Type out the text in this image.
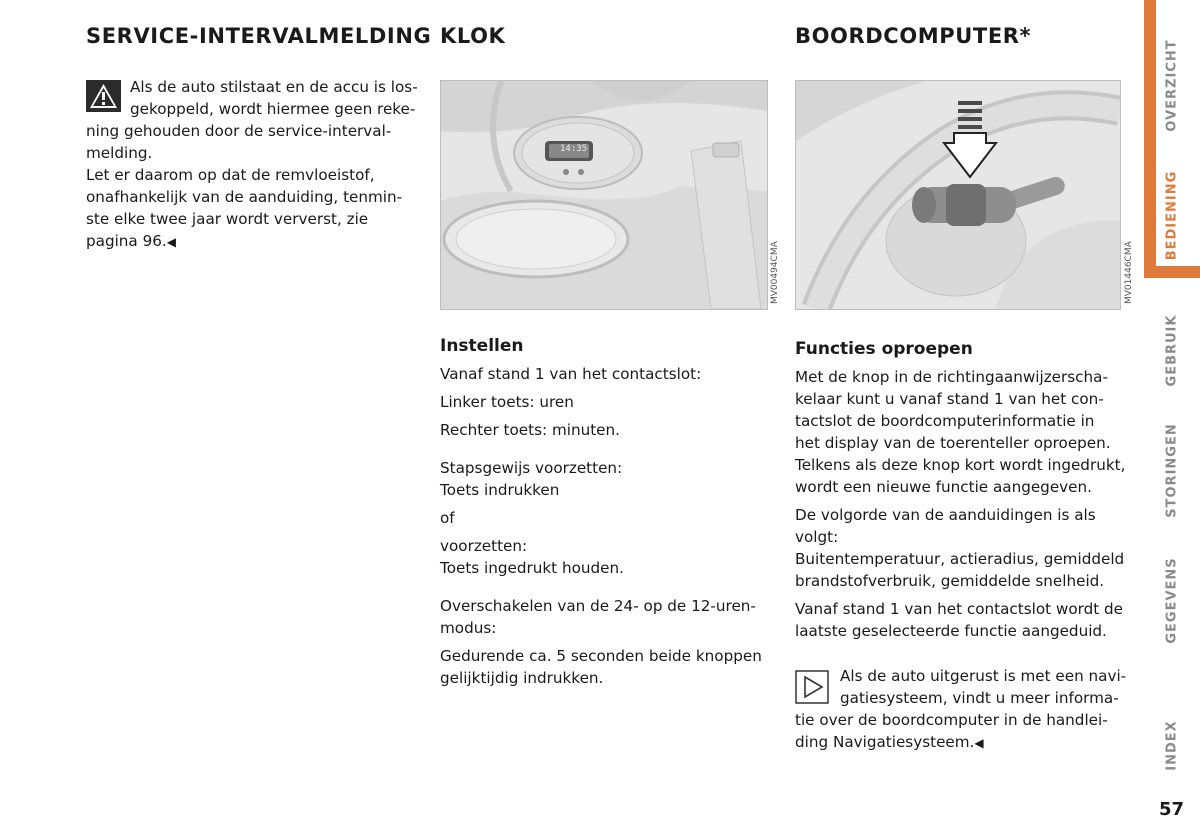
SERVICE-INTERVALMELDING

Als de auto stilstaat en de accu is los-

gekoppeld, wordt hiermee geen reke-

ning gehouden door de service-interval-

melding.

Let er daarom op dat de remvloeistof,

onafhankelijk van de aanduiding, tenmin-

ste elke twee jaar wordt ververst, zie

pagina 96.◀

KLOK
14:35
MV00494CMA
Instellen

Vanaf stand 1 van het contactslot:

Linker toets: uren

Rechter toets: minuten.

Stapsgewijs voorzetten:

Toets indrukken

of

voorzetten:

Toets ingedrukt houden.

Overschakelen van de 24- op de 12-uren-

modus:

Gedurende ca. 5 seconden beide knoppen

gelijktijdig indrukken.

BOORDCOMPUTER*
MV01446CMA
Functies oproepen

Met de knop in de richtingaanwijzerscha-

kelaar kunt u vanaf stand 1 van het con-

tactslot de boordcomputerinformatie in

het display van de toerenteller oproepen.

Telkens als deze knop kort wordt ingedrukt,

wordt een nieuwe functie aangegeven.

De volgorde van de aanduidingen is als

volgt:

Buitentemperatuur, actieradius, gemiddeld

brandstofverbruik, gemiddelde snelheid.

Vanaf stand 1 van het contactslot wordt de

laatste geselecteerde functie aangeduid.

Als de auto uitgerust is met een navi-

gatiesysteem, vindt u meer informa-

tie over de boordcomputer in de handlei-

ding Navigatiesysteem.◀

OVERZICHT
BEDIENING
GEBRUIK
STORINGEN
GEGEVENS
INDEX
57
